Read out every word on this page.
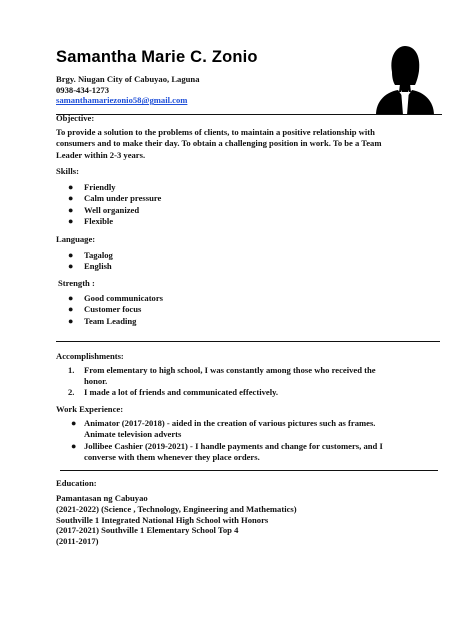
Samantha Marie C. Zonio
Brgy. Niugan City of Cabuyao, Laguna
0938-434-1273
samanthamariezonio58@gmail.com
Objective:
To provide a solution to the problems of clients, to maintain a positive relationship with
consumers and to make their day. To obtain a challenging position in work. To be a Team
Leader within 2-3 years.
Skills:
● Friendly
● Calm under pressure
● Well organized
● Flexible
Language:
● Tagalog
● English
Strength :
● Good communicators
● Customer focus
● Team Leading
Accomplishments:
1. From elementary to high school, I was constantly among those who received the
honor.
2. I made a lot of friends and communicated effectively.
Work Experience:
● Animator (2017-2018) - aided in the creation of various pictures such as frames.
Animate television adverts
● Jollibee Cashier (2019-2021) - I handle payments and change for customers, and I
converse with them whenever they place orders.
Education:
Pamantasan ng Cabuyao
(2021-2022) (Science , Technology, Engineering and Mathematics)
Southville 1 Integrated National High School with Honors
(2017-2021) Southville 1 Elementary School Top 4
(2011-2017)
